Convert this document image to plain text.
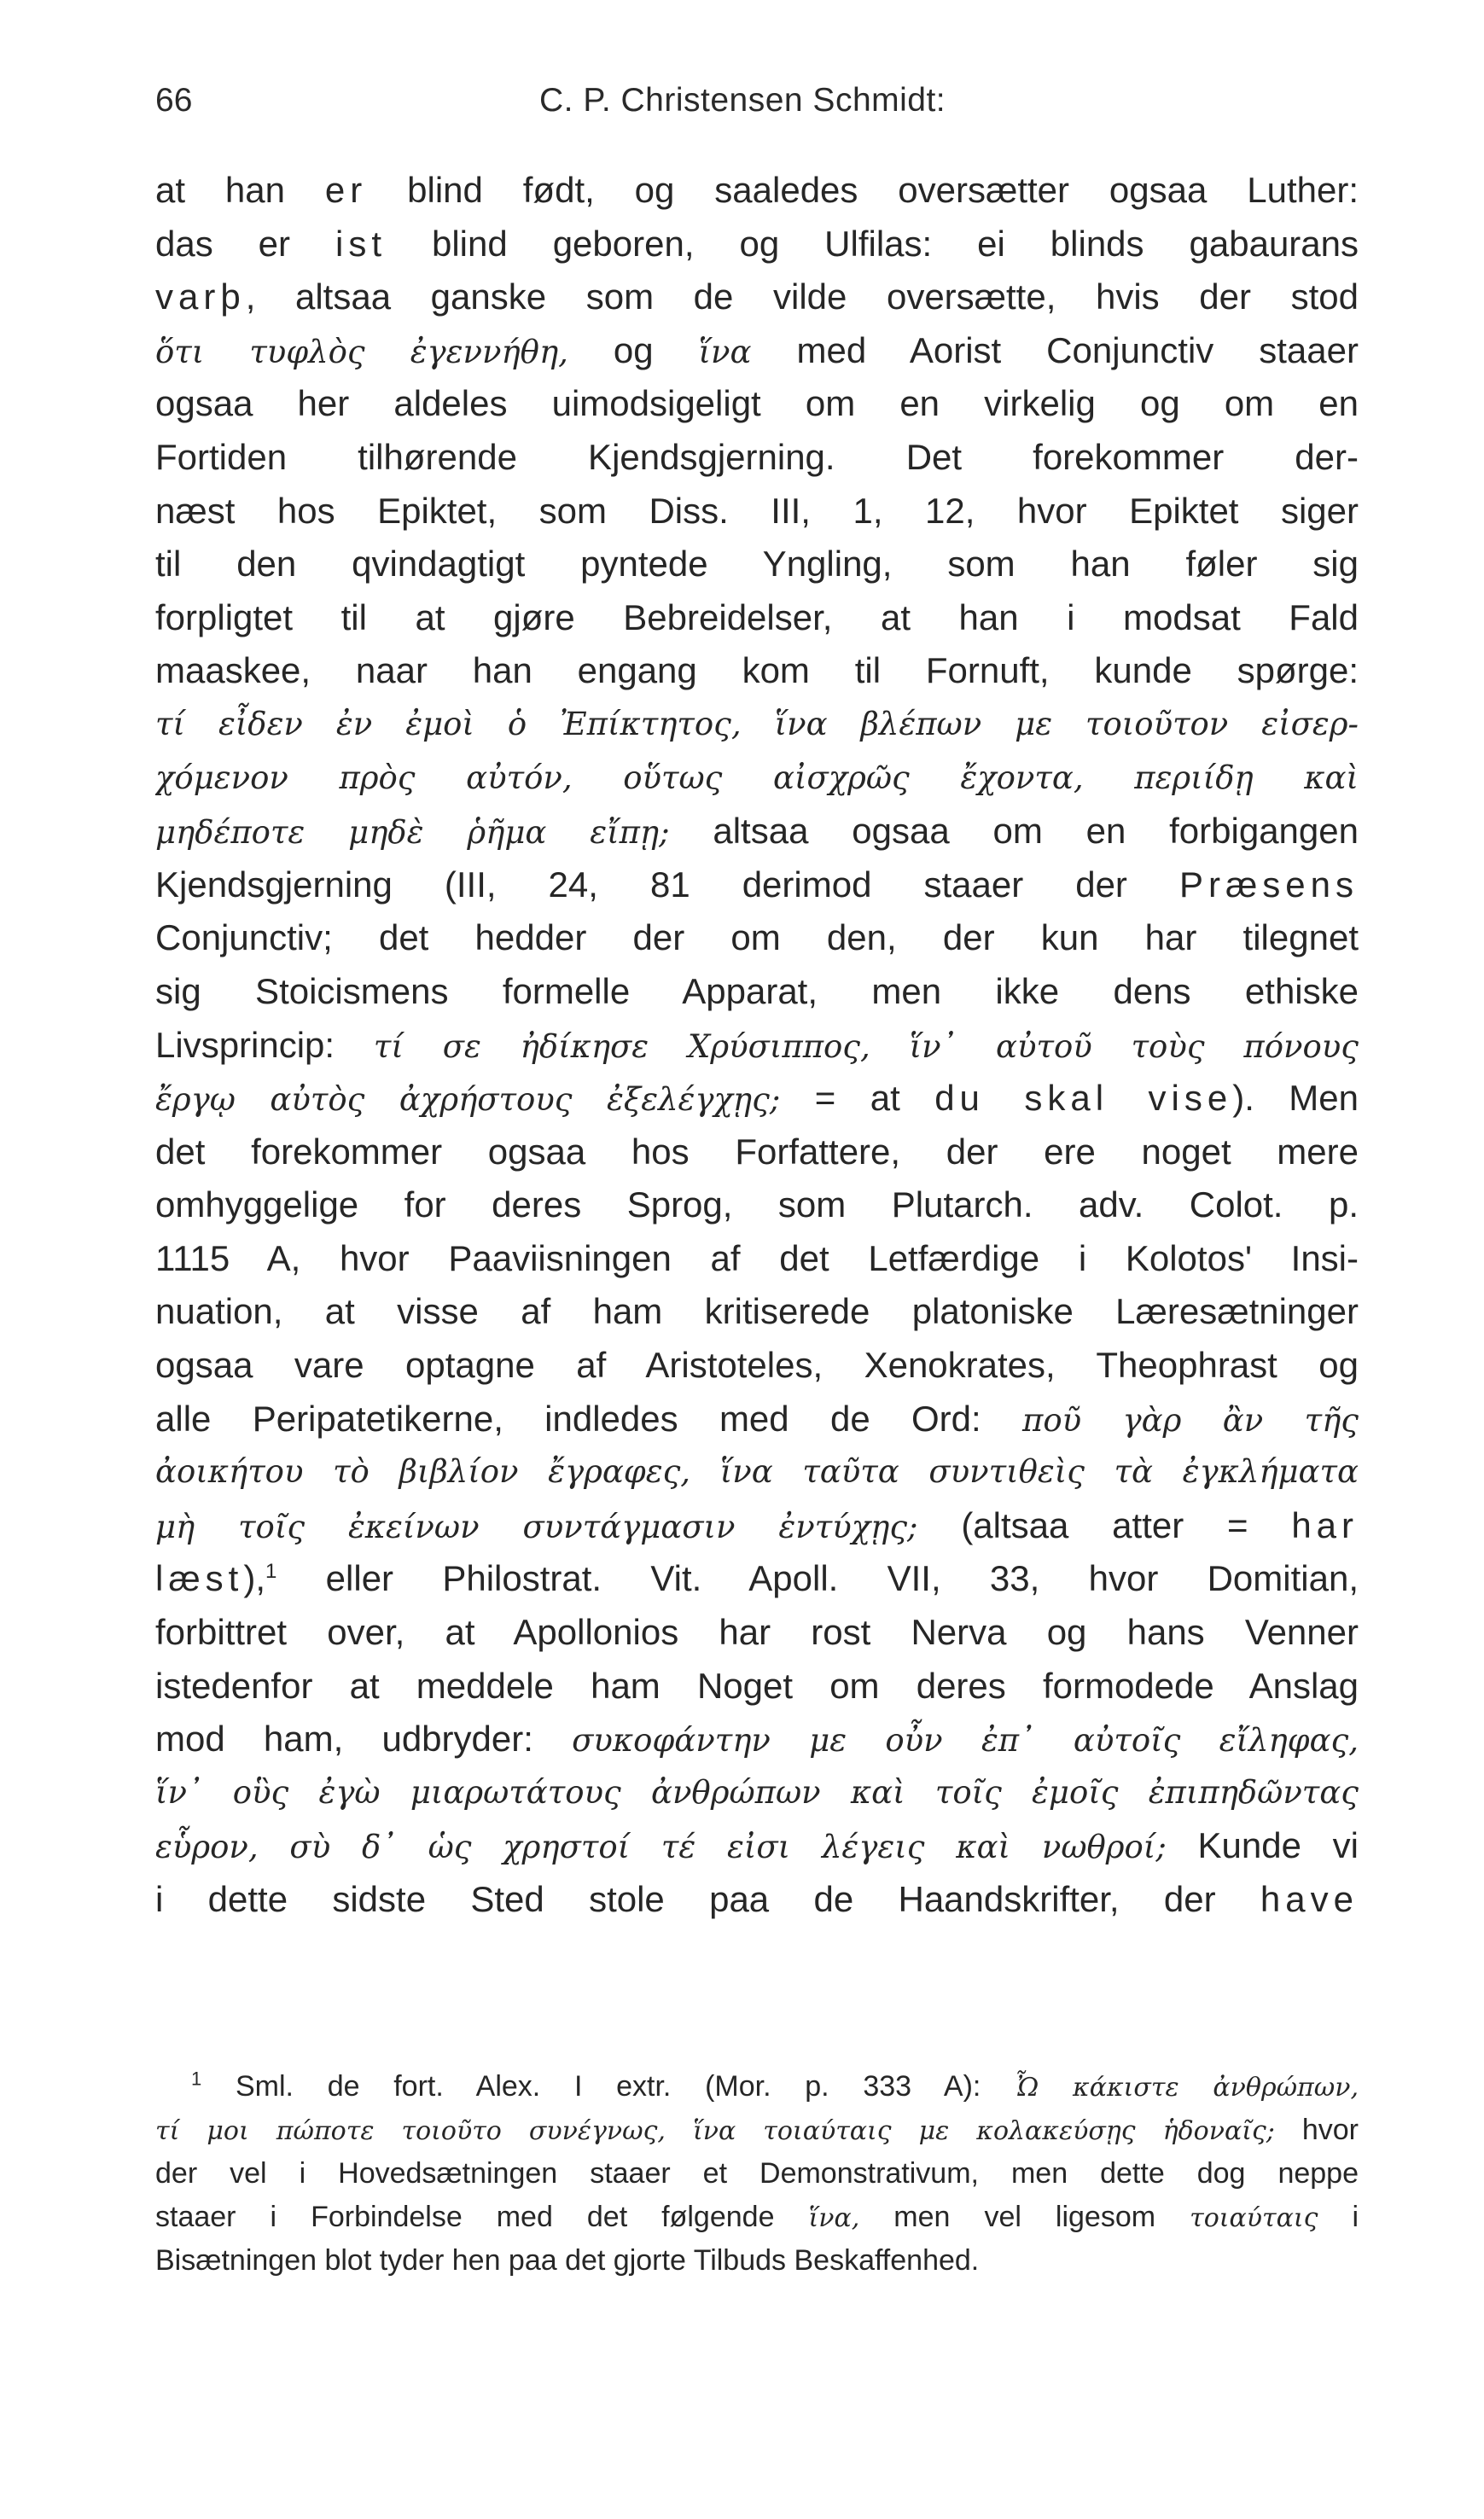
66	C. P. Christensen Schmidt:
at han er blind født, og saaledes oversætter ogsaa Luther:
das er ist blind geboren, og Ulfilas: ei blinds gabaurans
varþ, altsaa ganske som de vilde oversætte, hvis der stod
ὅτι τυφλὸς ἐγεννήθη, og ἵνα med Aorist Conjunctiv staaer
ogsaa her aldeles uimodsigeligt om en virkelig og om en
Fortiden tilhørende Kjendsgjerning. Det forekommer der-
næst hos Epiktet, som Diss. III, 1, 12, hvor Epiktet siger
til den qvindagtigt pyntede Yngling, som han føler sig
forpligtet til at gjøre Bebreidelser, at han i modsat Fald
maaskee, naar han engang kom til Fornuft, kunde spørge:
τί εἶδεν ἐν ἐμοὶ ὁ Ἐπίκτητος, ἵνα βλέπων με τοιοῦτον εἰσερ-
χόμενον πρὸς αὐτόν, οὕτως αἰσχρῶς ἔχοντα, περιίδῃ καὶ
μηδέποτε μηδὲ ῥῆμα εἴπῃ; altsaa ogsaa om en forbigangen
Kjendsgjerning (III, 24, 81 derimod staaer der Præsens
Conjunctiv; det hedder der om den, der kun har tilegnet
sig Stoicismens formelle Apparat, men ikke dens ethiske
Livsprincip: τί σε ἠδίκησε Χρύσιππος, ἵν᾽ αὐτοῦ τοὺς πόνους
ἔργῳ αὐτὸς ἀχρήστους ἐξελέγχῃς; = at du skal vise). Men
det forekommer ogsaa hos Forfattere, der ere noget mere
omhyggelige for deres Sprog, som Plutarch. adv. Colot. p.
1115 A, hvor Paaviisningen af det Letfærdige i Kolotos' Insi-
nuation, at visse af ham kritiserede platoniske Læresætninger
ogsaa vare optagne af Aristoteles, Xenokrates, Theophrast og
alle Peripatetikerne, indledes med de Ord: ποῦ γὰρ ἂν τῆς
ἀοικήτου τὸ βιβλίον ἔγραφες, ἵνα ταῦτα συντιθεὶς τὰ ἐγκλήματα
μὴ τοῖς ἐκείνων συντάγμασιν ἐντύχῃς; (altsaa atter = har
læst),$^1$ eller Philostrat. Vit. Apoll. VII, 33, hvor Domitian,
forbittret over, at Apollonios har rost Nerva og hans Venner
istedenfor at meddele ham Noget om deres formodede Anslag
mod ham, udbryder: συκοφάντην με οὖν ἐπ᾽ αὐτοῖς εἴληφας,
ἵν᾽ οὓς ἐγὼ μιαρωτάτους ἀνθρώπων καὶ τοῖς ἐμοῖς ἐπιπηδῶντας
εὗρον, σὺ δ᾽ ὡς χρηστοί τέ εἰσι λέγεις καὶ νωθροί; Kunde vi
i dette sidste Sted stole paa de Haandskrifter, der have
$^1$ Sml. de fort. Alex. I extr. (Mor. p. 333 A): Ὦ κάκιστε ἀνθρώπων,
τί μοι πώποτε τοιοῦτο συνέγνως, ἵνα τοιαύταις με κολακεύσῃς ἡδοναῖς; hvor
der vel i Hovedsætningen staaer et Demonstrativum, men dette dog neppe
staaer i Forbindelse med det følgende ἵνα, men vel ligesom τοιαύταις i
Bisætningen blot tyder hen paa det gjorte Tilbuds Beskaffenhed.
